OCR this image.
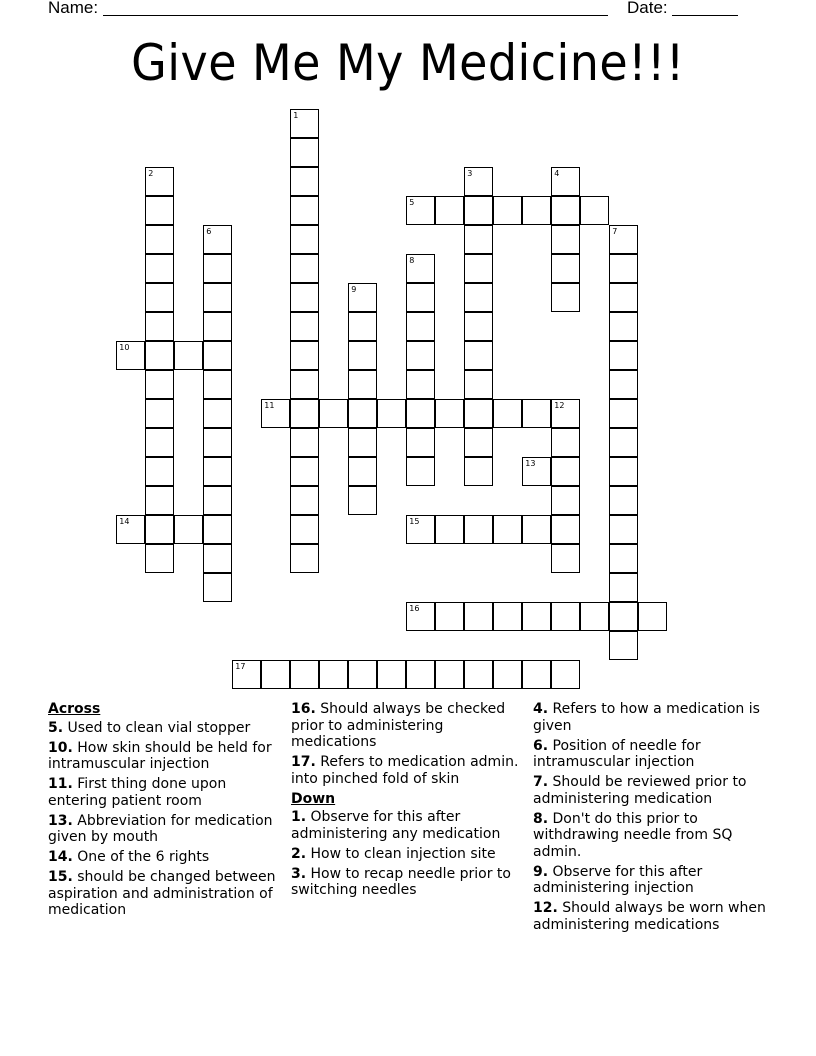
Name:	Date:
Give Me My Medicine!!!
1
2	3	4
5
6	7
8
9
10
11	12
13
14	15
16
17
Across
5. Used to clean vial stopper
10. How skin should be held for intramuscular injection
11. First thing done upon entering patient room
13. Abbreviation for medication given by mouth
14. One of the 6 rights
15. should be changed between aspiration and administration of medication
16. Should always be checked prior to administering medications
17. Refers to medication admin. into pinched fold of skin
Down
1. Observe for this after administering any medication
2. How to clean injection site
3. How to recap needle prior to switching needles
4. Refers to how a medication is given
6. Position of needle for intramuscular injection
7. Should be reviewed prior to administering medication
8. Don't do this prior to withdrawing needle from SQ admin.
9. Observe for this after administering injection
12. Should always be worn when administering medications
